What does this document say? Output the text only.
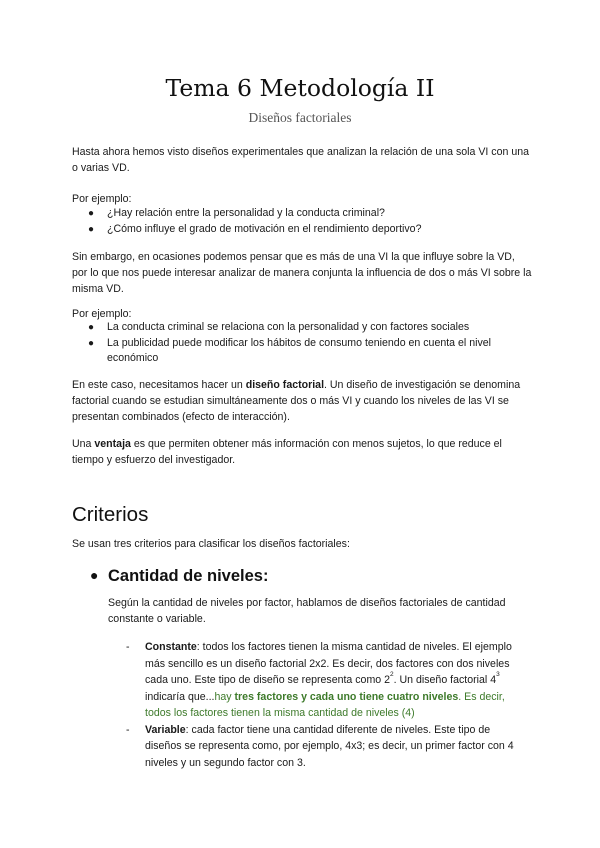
Tema 6 Metodología II
Diseños factoriales

Hasta ahora hemos visto diseños experimentales que analizan la relación de una sola VI con una o varias VD.

Por ejemplo:
● ¿Hay relación entre la personalidad y la conducta criminal?
● ¿Cómo influye el grado de motivación en el rendimiento deportivo?

Sin embargo, en ocasiones podemos pensar que es más de una VI la que influye sobre la VD, por lo que nos puede interesar analizar de manera conjunta la influencia de dos o más VI sobre la misma VD.

Por ejemplo:
● La conducta criminal se relaciona con la personalidad y con factores sociales
● La publicidad puede modificar los hábitos de consumo teniendo en cuenta el nivel económico

En este caso, necesitamos hacer un diseño factorial. Un diseño de investigación se denomina factorial cuando se estudian simultáneamente dos o más VI y cuando los niveles de las VI se presentan combinados (efecto de interacción).

Una ventaja es que permiten obtener más información con menos sujetos, lo que reduce el tiempo y esfuerzo del investigador.

Criterios

Se usan tres criterios para clasificar los diseños factoriales:

● Cantidad de niveles:

Según la cantidad de niveles por factor, hablamos de diseños factoriales de cantidad constante o variable.

- Constante: todos los factores tienen la misma cantidad de niveles. El ejemplo más sencillo es un diseño factorial 2x2. Es decir, dos factores con dos niveles cada uno. Este tipo de diseño se representa como $2^2$. Un diseño factorial $4^3$ indicaría que...hay tres factores y cada uno tiene cuatro niveles. Es decir, todos los factores tienen la misma cantidad de niveles (4)
- Variable: cada factor tiene una cantidad diferente de niveles. Este tipo de diseños se representa como, por ejemplo, 4x3; es decir, un primer factor con 4 niveles y un segundo factor con 3.
